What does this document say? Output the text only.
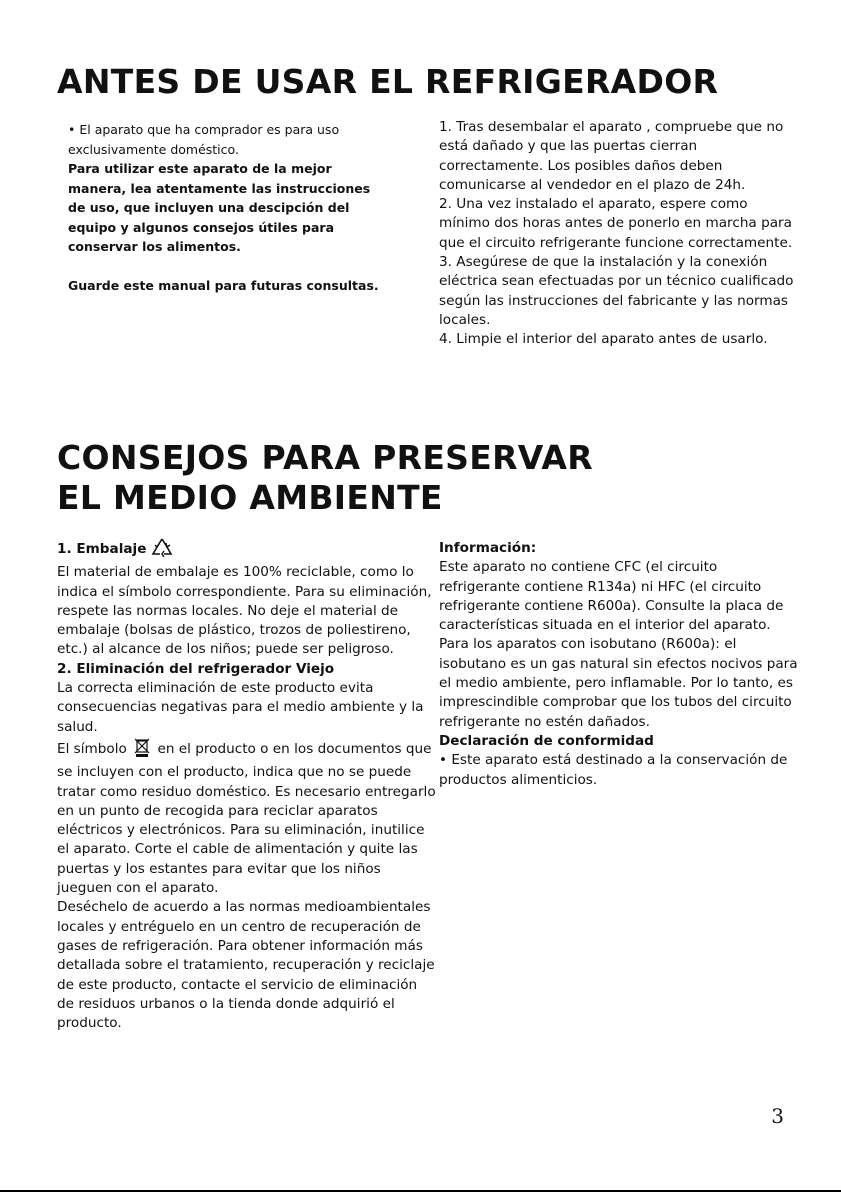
ANTES DE USAR EL REFRIGERADOR

• El aparato que ha comprador es para uso exclusivamente doméstico.

Para utilizar este aparato de la mejor manera, lea atentamente las instrucciones de uso, que incluyen una descipción del equipo y algunos consejos útiles para conservar los alimentos.

Guarde este manual para futuras consultas.

1. Tras desembalar el aparato , compruebe que no está dañado y que las puertas cierran correctamente. Los posibles daños deben comunicarse al vendedor en el plazo de 24h.

2. Una vez instalado el aparato, espere como mínimo dos horas antes de ponerlo en marcha para que el circuito refrigerante funcione correctamente.

3. Asegúrese de que la instalación y la conexión eléctrica sean efectuadas por un técnico cualificado según las instrucciones del fabricante y las normas locales.

4. Limpie el interior del aparato antes de usarlo.

CONSEJOS PARA PRESERVAR
EL MEDIO AMBIENTE

1. Embalaje

El material de embalaje es 100% reciclable, como lo indica el símbolo correspondiente. Para su eliminación, respete las normas locales. No deje el material de embalaje (bolsas de plástico, trozos de poliestireno, etc.) al alcance de los niños; puede ser peligroso.

2. Eliminación del refrigerador Viejo

La correcta eliminación de este producto evita consecuencias negativas para el medio ambiente y la salud.

El símbolo en el producto o en los documentos que se incluyen con el producto, indica que no se puede tratar como residuo doméstico. Es necesario entregarlo en un punto de recogida para reciclar aparatos eléctricos y electrónicos. Para su eliminación, inutilice el aparato. Corte el cable de alimentación y quite las puertas y los estantes para evitar que los niños jueguen con el aparato.

Deséchelo de acuerdo a las normas medioambientales locales y entréguelo en un centro de recuperación de gases de refrigeración. Para obtener información más detallada sobre el tratamiento, recuperación y reciclaje de este producto, contacte el servicio de eliminación de residuos urbanos o la tienda donde adquirió el producto.

Información:

Este aparato no contiene CFC (el circuito refrigerante contiene R134a) ni HFC (el circuito refrigerante contiene R600a). Consulte la placa de características situada en el interior del aparato.

Para los aparatos con isobutano (R600a): el isobutano es un gas natural sin efectos nocivos para el medio ambiente, pero inflamable. Por lo tanto, es imprescindible comprobar que los tubos del circuito refrigerante no estén dañados.

Declaración de conformidad

• Este aparato está destinado a la conservación de productos alimenticios.

3
